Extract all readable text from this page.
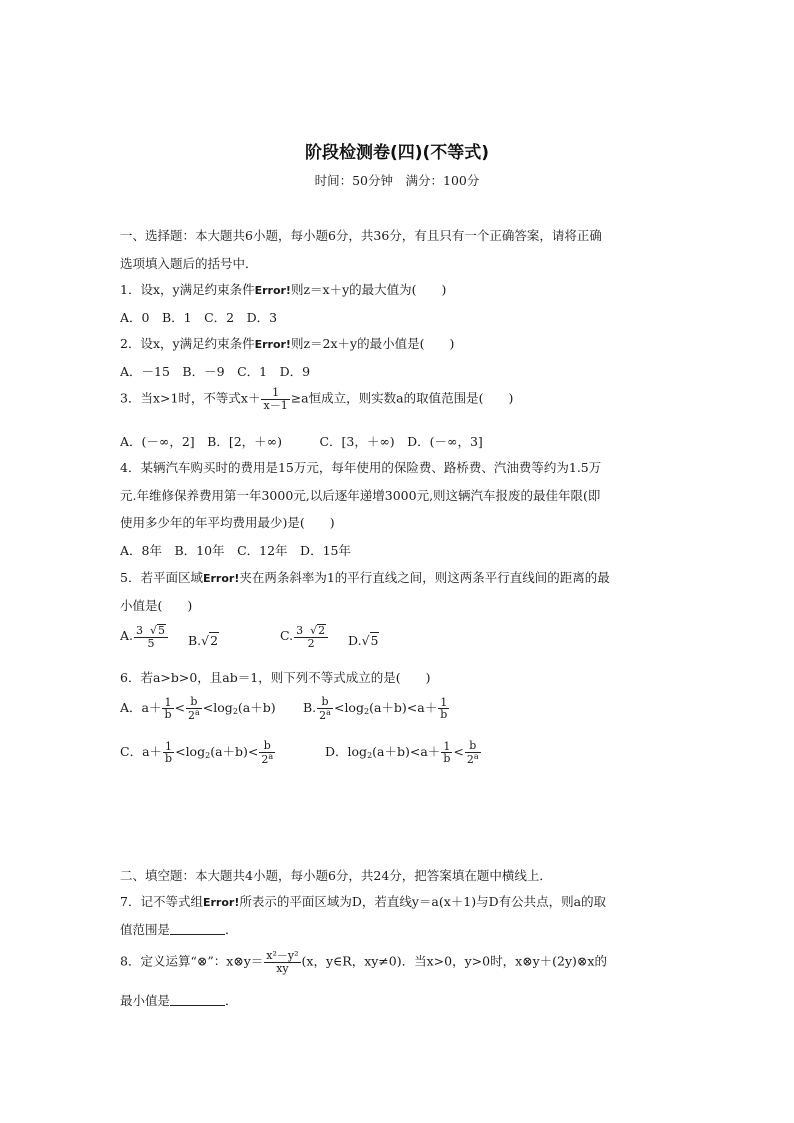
阶段检测卷(四)(不等式)
时间：50分钟　满分：100分
一、选择题：本大题共6小题，每小题6分，共36分，有且只有一个正确答案，请将正确
选项填入题后的括号中．
1．设x，y满足约束条件Error!则z＝x＋y的最大值为(　　)
A．0　B．1　C．2　D．3
2．设x，y满足约束条件Error!则z＝2x＋y的最小值是(　　)
A．－15　B．－9　C．1　D．9
3．当x>1时，不等式$x+ \frac{1}{x-1} \ge a$恒成立，则实数a的取值范围是(　　)
A．(－∞，2]　B．[2，＋∞)　　　C．[3，＋∞)　D．(－∞，3]
4．某辆汽车购买时的费用是15万元，每年使用的保险费、路桥费、汽油费等约为1.5万
元.年维修保养费用第一年3000元,以后逐年递增3000元,则这辆汽车报废的最佳年限(即
使用多少年的年平均费用最少)是(　　)
A．8年　B．10年　C．12年　D．15年
5．若平面区域Error!夹在两条斜率为1的平行直线之间，则这两条平行直线间的距离的最
小值是(　　)
A. $\frac{3 √5}{5} B.√2$	C. $\frac{3 √2}{2} D.√5$
6．若a>b>0，且ab＝1，则下列不等式成立的是(　　)
A．$a+ \frac{1}{b} < \frac{b}{2^a} <\log_2(a+b)$ B. $\frac{b}{2^a} <\log_2(a+b)<a+ \frac{1}{b}$
C．$a+ \frac{1}{b} <\log_2(a+b)< \frac{b}{2^a}$	D．$\log_2(a+b)<a+ \frac{1}{b} < \frac{b}{2^a}$
二、填空题：本大题共4小题，每小题6分，共24分，把答案填在题中横线上．
7．记不等式组Error!所表示的平面区域为D，若直线y＝a(x＋1)与D有公共点，则a的取
值范围是	．
8．定义运算“⊗”：x⊗y＝ $\frac{\text{x²－y²}}{xy} (x$，y∈R，xy≠0)．当x>0，y>0时，x⊗y＋(2y)⊗x的
最小值是	．
